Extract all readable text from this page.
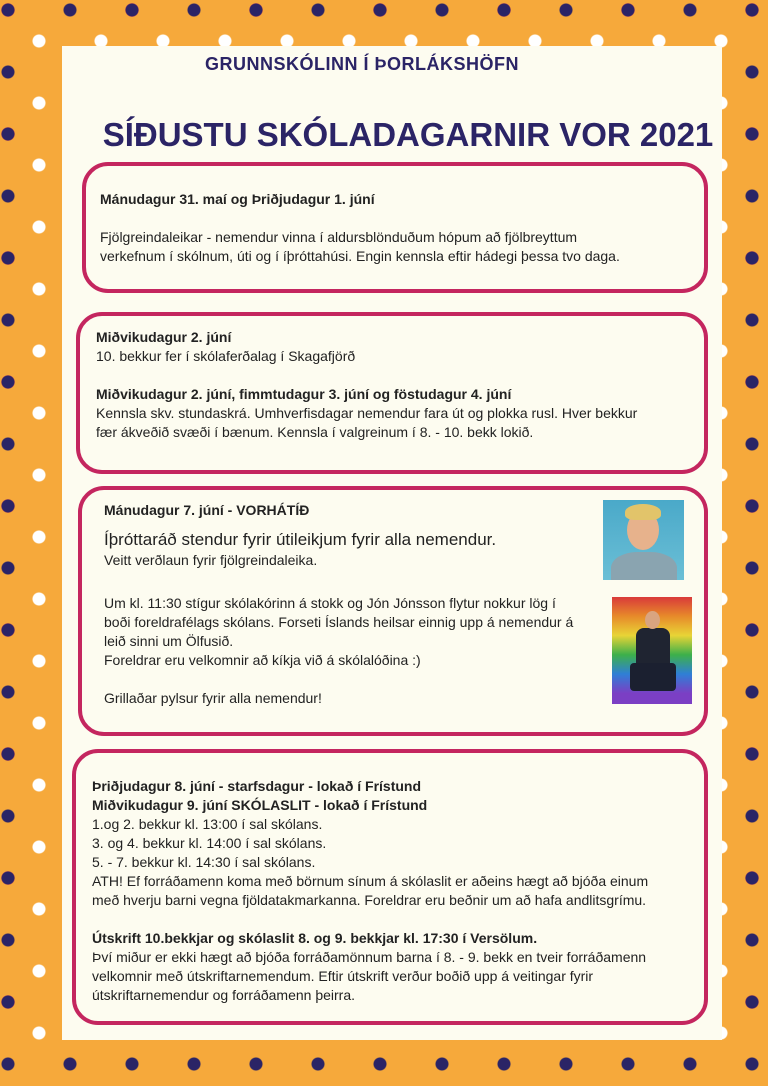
GRUNNSKÓLINN Í ÞORLÁKSHÖFN
SÍÐUSTU SKÓLADAGARNIR VOR 2021

Mánudagur 31. maí og Þriðjudagur 1. júní

Fjölgreindaleikar - nemendur vinna í aldursblönduðum hópum að fjölbreyttum

verkefnum í skólnum, úti og í íþróttahúsi. Engin kennsla eftir hádegi þessa tvo daga.

Miðvikudagur 2. júní

10. bekkur fer í skólaferðalag í Skagafjörð

Miðvikudagur 2. júní, fimmtudagur 3. júní og föstudagur 4. júní

Kennsla skv. stundaskrá. Umhverfisdagar nemendur fara út og plokka rusl. Hver bekkur

fær ákveðið svæði í bænum. Kennsla í valgreinum í 8. - 10. bekk lokið.

Mánudagur 7. júní - VORHÁTÍÐ

Íþróttaráð stendur fyrir útileikjum fyrir alla nemendur.

Veitt verðlaun fyrir fjölgreindaleika.

Um kl. 11:30 stígur skólakórinn á stokk og Jón Jónsson flytur nokkur lög í

boði foreldrafélags skólans. Forseti Íslands heilsar einnig upp á nemendur á

leið sinni um Ölfusið.

Foreldrar eru velkomnir að kíkja við á skólalóðina :)

Grillaðar pylsur fyrir alla nemendur!

Þriðjudagur 8. júní - starfsdagur - lokað í Frístund

Miðvikudagur 9. júní SKÓLASLIT - lokað í Frístund

1.og 2. bekkur kl. 13:00 í sal skólans.

3. og 4. bekkur kl. 14:00 í sal skólans.

5. - 7. bekkur kl. 14:30 í sal skólans.

ATH! Ef forráðamenn koma með börnum sínum á skólaslit er aðeins hægt að bjóða einum

með hverju barni vegna fjöldatakmarkanna. Foreldrar eru beðnir um að hafa andlitsgrímu.

Útskrift 10.bekkjar og skólaslit 8. og 9. bekkjar kl. 17:30 í Versölum.

Því miður er ekki hægt að bjóða forráðamönnum barna í 8. - 9. bekk en tveir forráðamenn

velkomnir með útskriftarnemendum. Eftir útskrift verður boðið upp á veitingar fyrir

útskriftarnemendur og forráðamenn þeirra.
